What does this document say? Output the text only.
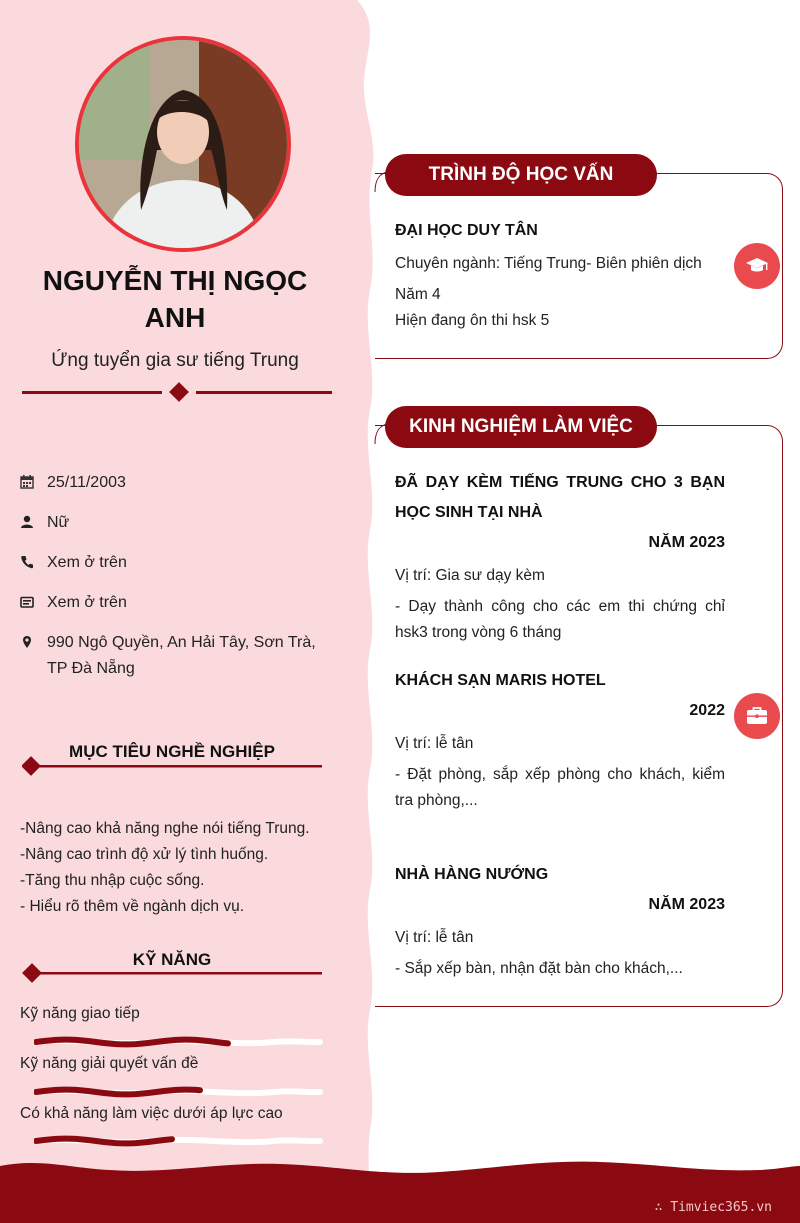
NGUYỄN THỊ NGỌC
ANH
Ứng tuyển gia sư tiếng Trung
25/11/2003
Nữ
Xem ở trên
Xem ở trên
990 Ngô Quyền, An Hải Tây, Sơn Trà,
TP Đà Nẵng
MỤC TIÊU NGHỀ NGHIỆP
-Nâng cao khả năng nghe nói tiếng Trung.
-Nâng cao trình độ xử lý tình huống.
-Tăng thu nhập cuộc sống.
- Hiểu rõ thêm về ngành dịch vụ.
KỸ NĂNG
Kỹ năng giao tiếp
Kỹ năng giải quyết vấn đề
Có khả năng làm việc dưới áp lực cao
TRÌNH ĐỘ HỌC VẤN
ĐẠI HỌC DUY TÂN
Chuyên ngành: Tiếng Trung- Biên phiên dịch
Năm 4
Hiện đang ôn thi hsk 5
KINH NGHIỆM LÀM VIỆC
ĐÃ DẠY KÈM TIẾNG TRUNG CHO 3 BẠN
HỌC SINH TẠI NHÀ
NĂM 2023
Vị trí: Gia sư dạy kèm
- Dạy thành công cho các em thi chứng chỉ
hsk3 trong vòng 6 tháng
KHÁCH SẠN MARIS HOTEL
2022
Vị trí: lễ tân
- Đặt phòng, sắp xếp phòng cho khách, kiểm
tra phòng,...
NHÀ HÀNG NƯỚNG
NĂM 2023
Vị trí: lễ tân
- Sắp xếp bàn, nhận đặt bàn cho khách,...
∴ Timviec365.vn
